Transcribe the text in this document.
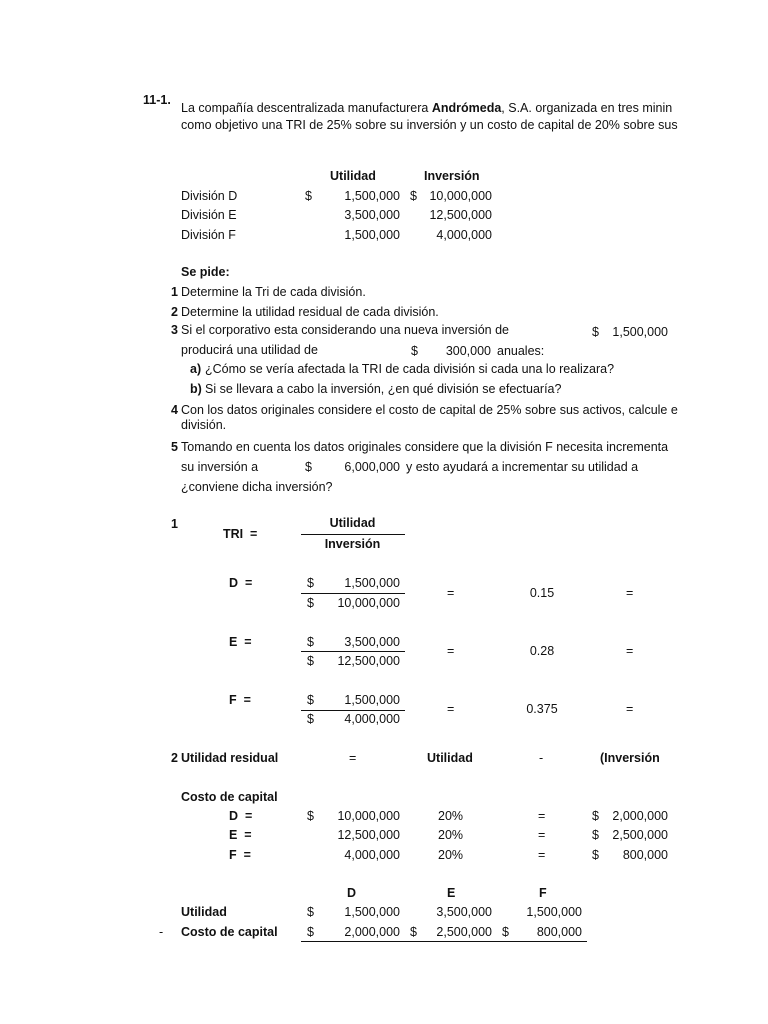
11-1.
La compañía descentralizada manufacturera Andrómeda, S.A. organizada en tres minin
como objetivo una TRI de 25% sobre su inversión y un costo de capital de 20% sobre sus
Utilidad	Inversión
División D	$	1,500,000 $ 10,000,000
División E	3,500,000	12,500,000
División F	1,500,000	4,000,000
Se pide:
1 Determine la Tri de cada división.
2 Determine la utilidad residual de cada división.
3 Si el corporativo esta considerando una nueva inversión de	$	1,500,000
producirá una utilidad de	$	300,000 anuales:
a) ¿Cómo se vería afectada la TRI de cada división si cada una lo realizara?
b) Si se llevara a cabo la inversión, ¿en qué división se efectuaría?
4 Con los datos originales considere el costo de capital de 25% sobre sus activos, calcule e
división.
5 Tomando en cuenta los datos originales considere que la división F necesita incrementa
su inversión a	$	6,000,000 y esto ayudará a incrementar su utilidad a
¿conviene dicha inversión?
1
TRI =
Utilidad
Inversión
D =	$	1,500,000
$	10,000,000
=	0.15	=
E =	$	3,500,000
$	12,500,000
=	0.28	=
F =	$	1,500,000
$	4,000,000
=	0.375	=
2 Utilidad residual	=	Utilidad	-	(Inversión
Costo de capital
D =	$	10,000,000	20%	=	$	2,000,000
E =	12,500,000	20%	=	$	2,500,000
F =	4,000,000	20%	=	$	800,000
D	E	F
Utilidad	$	1,500,000	3,500,000	1,500,000
- Costo de capital $	2,000,000 $	2,500,000 $	800,000
